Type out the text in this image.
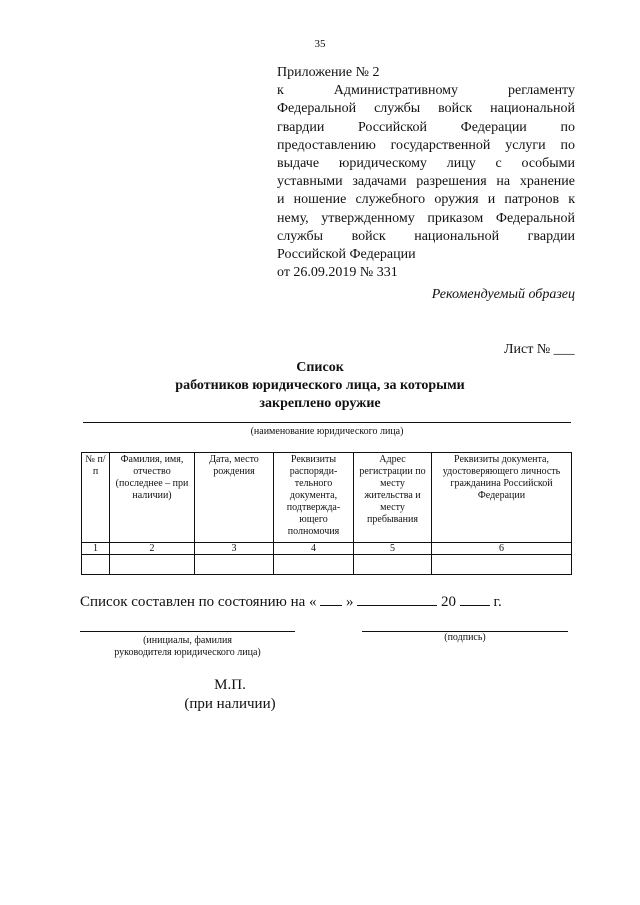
35
Приложение № 2
к Административному регламенту
Федеральной службы войск национальной
гвардии Российской Федерации по
предоставлению государственной услуги по
выдаче юридическому лицу с особыми
уставными задачами разрешения на хранение
и ношение служебного оружия и патронов к
нему, утвержденному приказом Федеральной
службы войск национальной гвардии
Российской Федерации
от 26.09.2019 № 331
Рекомендуемый образец
Лист № ___
Список
работников юридического лица, за которыми
закреплено оружие
(наименование юридического лица)
№ п/п	Фамилия, имя, отчество (последнее – при наличии)	Дата, место рождения	Реквизиты распоряди-тельного документа, подтвержда-ющего полномочия	Адрес регистрации по месту жительства и месту пребывания	Реквизиты документа, удостоверяющего личность гражданина Российской Федерации
1	2	3	4	5	6

Список составлен по состоянию на « »	20	г.
(инициалы, фамилия
руководителя юридического лица)
(подпись)
М.П.
(при наличии)
